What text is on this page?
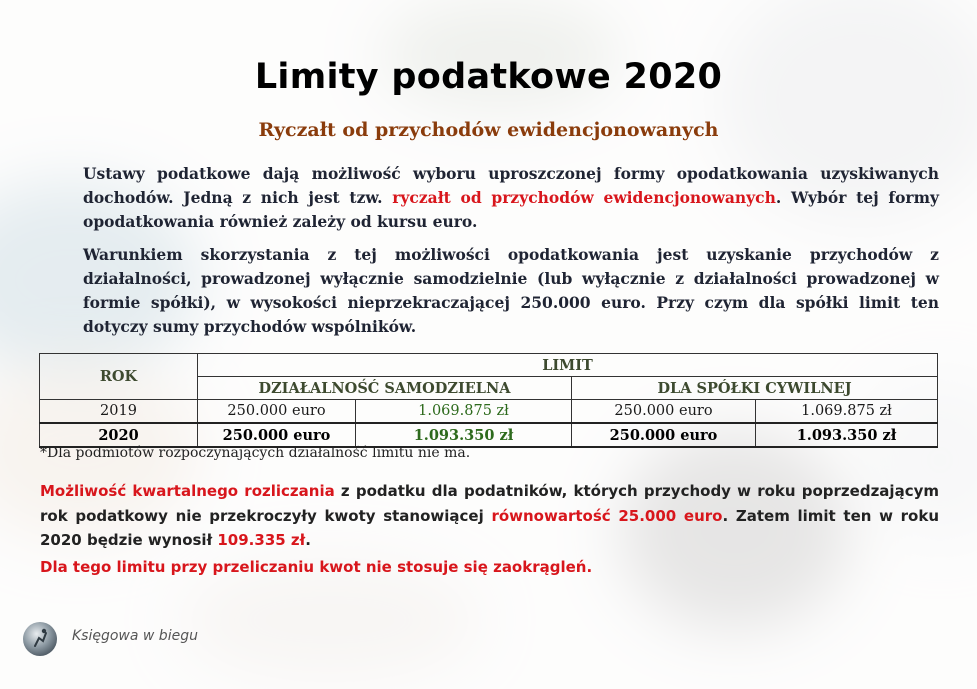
Limity podatkowe 2020
Ryczałt od przychodów ewidencjonowanych

Ustawy podatkowe dają możliwość wyboru uproszczonej formy opodatkowania uzyskiwanych dochodów. Jedną z nich jest tzw. ryczałt od przychodów ewidencjonowanych. Wybór tej formy opodatkowania również zależy od kursu euro.

Warunkiem skorzystania z tej możliwości opodatkowania jest uzyskanie przychodów z działalności, prowadzonej wyłącznie samodzielnie (lub wyłącznie z działalności prowadzonej w formie spółki), w wysokości nieprzekraczającej 250.000 euro. Przy czym dla spółki limit ten dotyczy sumy przychodów wspólników.

ROK	LIMIT			
	DZIAŁALNOŚĆ SAMODZIELNA		DLA SPÓŁKI CYWILNEJ	
2019	250.000 euro	1.069.875 zł	250.000 euro	1.069.875 zł
2020	250.000 euro	1.093.350 zł	250.000 euro	1.093.350 zł
*Dla podmiotów rozpoczynających działalność limitu nie ma.

Możliwość kwartalnego rozliczania z podatku dla podatników, których przychody w roku poprzedzającym rok podatkowy nie przekroczyły kwoty stanowiącej równowartość 25.000 euro. Zatem limit ten w roku 2020 będzie wynosił 109.335 zł.

Dla tego limitu przy przeliczaniu kwot nie stosuje się zaokrągleń.
Księgowa w biegu
